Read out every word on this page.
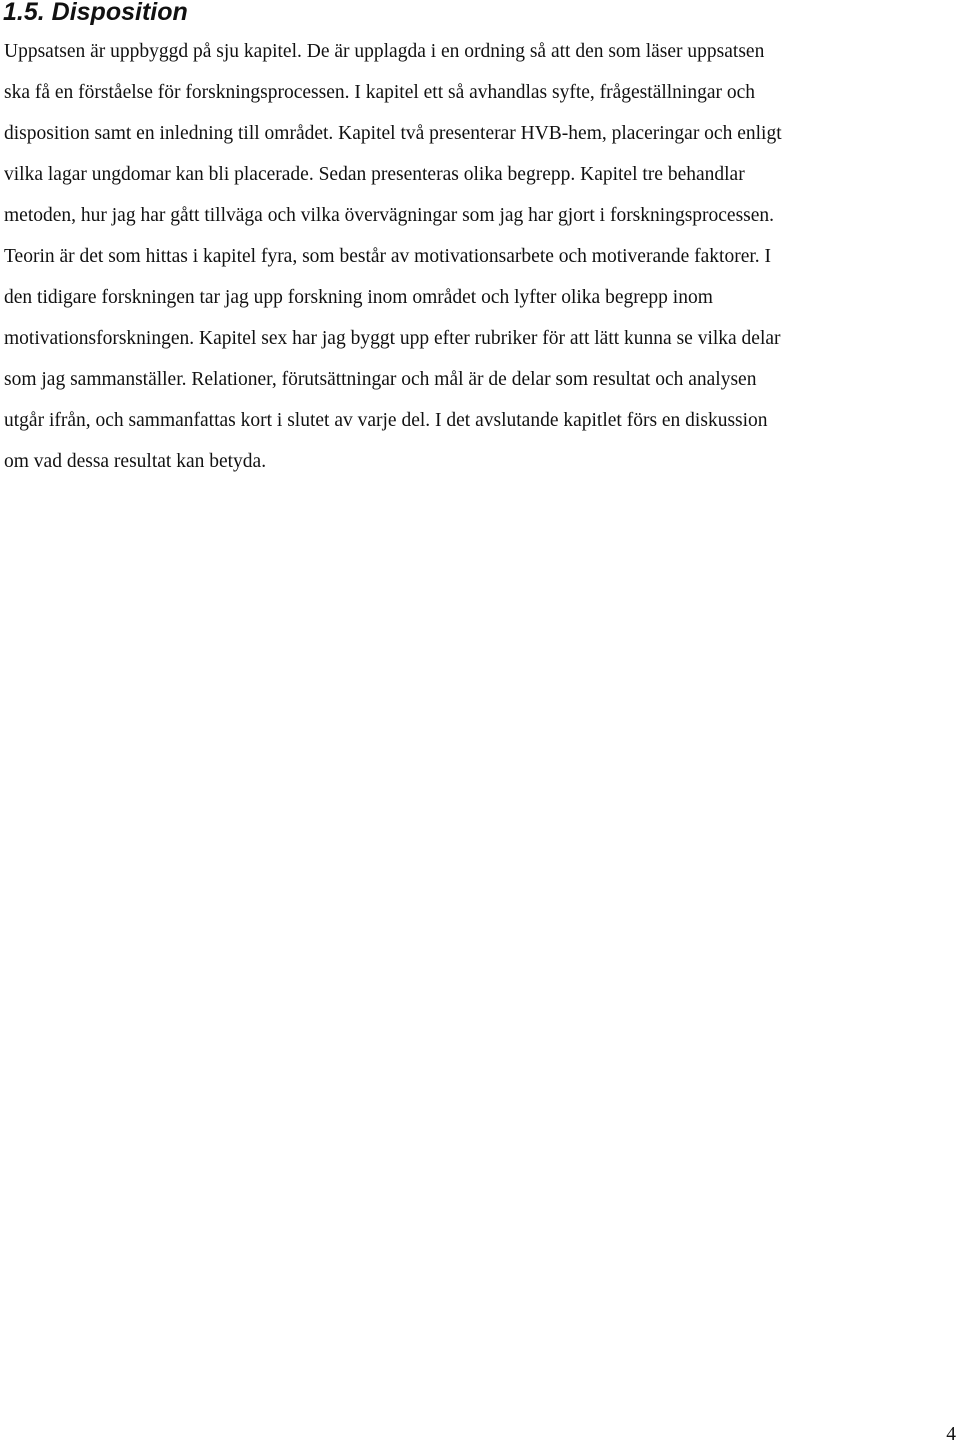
1.5. Disposition

Uppsatsen är uppbyggd på sju kapitel. De är upplagda i en ordning så att den som läser uppsatsen
ska få en förståelse för forskningsprocessen. I kapitel ett så avhandlas syfte, frågeställningar och
disposition samt en inledning till området. Kapitel två presenterar HVB-hem, placeringar och enligt
vilka lagar ungdomar kan bli placerade. Sedan presenteras olika begrepp. Kapitel tre behandlar
metoden, hur jag har gått tillväga och vilka övervägningar som jag har gjort i forskningsprocessen.
Teorin är det som hittas i kapitel fyra, som består av motivationsarbete och motiverande faktorer. I
den tidigare forskningen tar jag upp forskning inom området och lyfter olika begrepp inom
motivationsforskningen. Kapitel sex har jag byggt upp efter rubriker för att lätt kunna se vilka delar
som jag sammanställer. Relationer, förutsättningar och mål är de delar som resultat och analysen
utgår ifrån, och sammanfattas kort i slutet av varje del. I det avslutande kapitlet förs en diskussion
om vad dessa resultat kan betyda.

4
